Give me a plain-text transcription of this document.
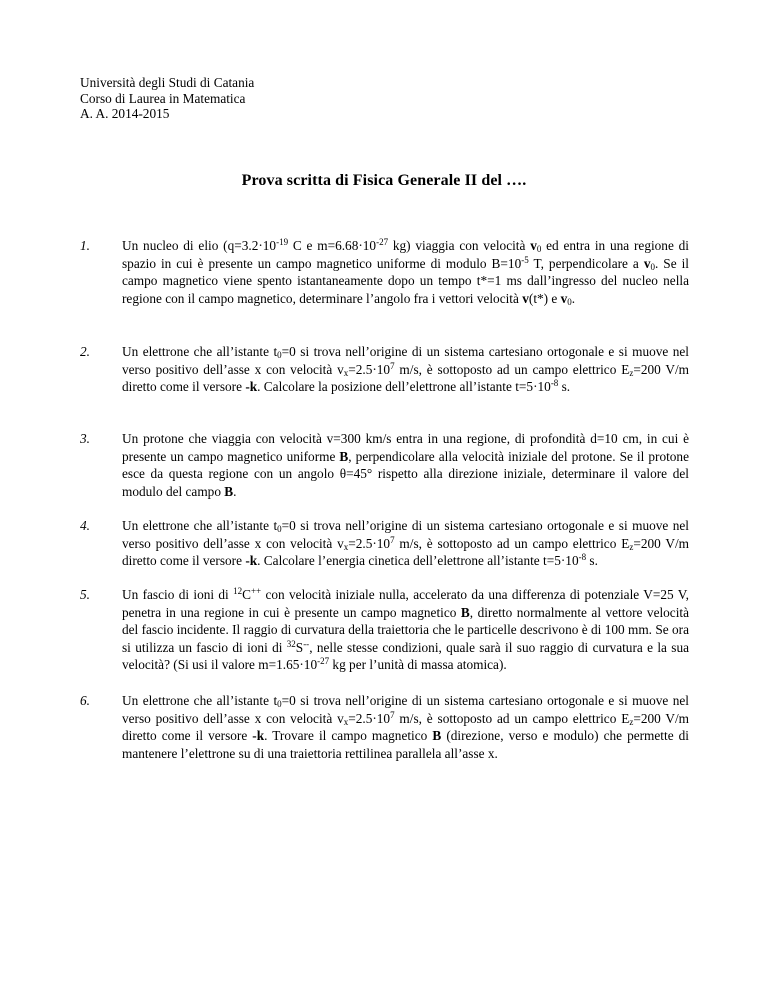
Università degli Studi di Catania
Corso di Laurea in Matematica
A. A. 2014-2015
Prova scritta di Fisica Generale II del ….
1. Un nucleo di elio ($q=3.2\cdot 10^{-19}$ C e $m=6.68\cdot 10^{-27}$ kg) viaggia con velocità $v_0$ ed entra in una regione di spazio in cui è presente un campo magnetico uniforme di modulo $B=10^{-5}$ T, perpendicolare a $v_0$. Se il campo magnetico viene spento istantaneamente dopo un tempo t*=1 ms dall’ingresso del nucleo nella regione con il campo magnetico, determinare l’angolo fra i vettori velocità v(t*) e $v_0$.
2. Un elettrone che all’istante $t_0=0$ si trova nell’origine di un sistema cartesiano ortogonale e si muove nel verso positivo dell’asse x con velocità $v_x=2.5\cdot 10^7$ m/s, è sottoposto ad un campo elettrico $E_z=200$ V/m diretto come il versore -k. Calcolare la posizione dell’elettrone all’istante $t=5\cdot 10^{-8}$ s.
3. Un protone che viaggia con velocità v=300 km/s entra in una regione, di profondità d=10 cm, in cui è presente un campo magnetico uniforme B, perpendicolare alla velocità iniziale del protone. Se il protone esce da questa regione con un angolo θ=45° rispetto alla direzione iniziale, determinare il valore del modulo del campo B.
4. Un elettrone che all’istante $t_0=0$ si trova nell’origine di un sistema cartesiano ortogonale e si muove nel verso positivo dell’asse x con velocità $v_x=2.5\cdot 10^7$ m/s, è sottoposto ad un campo elettrico $E_z=200$ V/m diretto come il versore -k. Calcolare l’energia cinetica dell’elettrone all’istante $t=5\cdot 10^{-8}$ s.
5. Un fascio di ioni di $^{12}$C++ con velocità iniziale nulla, accelerato da una differenza di potenziale V=25 V, penetra in una regione in cui è presente un campo magnetico B, diretto normalmente al vettore velocità del fascio incidente. Il raggio di curvatura della traiettoria che le particelle descrivono è di 100 mm. Se ora si utilizza un fascio di ioni di $^{32}$S--, nelle stesse condizioni, quale sarà il suo raggio di curvatura e la sua velocità? (Si usi il valore $m=1.65\cdot 10^{-27}$ kg per l’unità di massa atomica).
6. Un elettrone che all’istante $t_0=0$ si trova nell’origine di un sistema cartesiano ortogonale e si muove nel verso positivo dell’asse x con velocità $v_x=2.5\cdot 10^7$ m/s, è sottoposto ad un campo elettrico $E_z=200$ V/m diretto come il versore -k. Trovare il campo magnetico B (direzione, verso e modulo) che permette di mantenere l’elettrone su di una traiettoria rettilinea parallela all’asse x.
